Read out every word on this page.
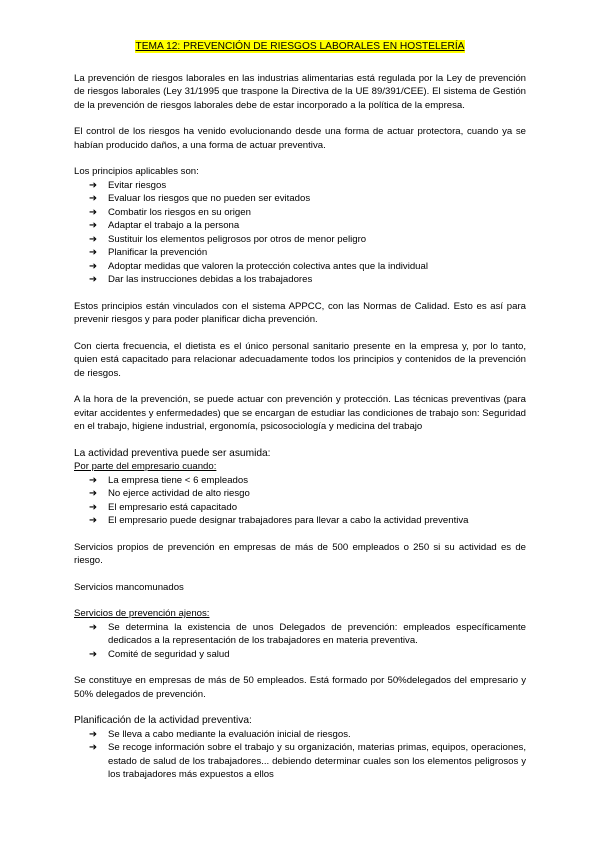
TEMA 12: PREVENCIÓN DE RIESGOS LABORALES EN HOSTELERÍA

La prevención de riesgos laborales en las industrias alimentarias está regulada por la Ley de prevención de riesgos laborales (Ley 31/1995 que traspone la Directiva de la UE 89/391/CEE). El sistema de Gestión de la prevención de riesgos laborales debe de estar incorporado a la política de la empresa.

El control de los riesgos ha venido evolucionando desde una forma de actuar protectora, cuando ya se habían producido daños, a una forma de actuar preventiva.

Los principios aplicables son:

➔ Evitar riesgos
➔ Evaluar los riesgos que no pueden ser evitados
➔ Combatir los riesgos en su origen
➔ Adaptar el trabajo a la persona
➔ Sustituir los elementos peligrosos por otros de menor peligro
➔ Planificar la prevención
➔ Adoptar medidas que valoren la protección colectiva antes que la individual
➔ Dar las instrucciones debidas a los trabajadores

Estos principios están vinculados con el sistema APPCC, con las Normas de Calidad. Esto es así para prevenir riesgos y para poder planificar dicha prevención.

Con cierta frecuencia, el dietista es el único personal sanitario presente en la empresa y, por lo tanto, quien está capacitado para relacionar adecuadamente todos los principios y contenidos de la prevención de riesgos.

A la hora de la prevención, se puede actuar con prevención y protección. Las técnicas preventivas (para evitar accidentes y enfermedades) que se encargan de estudiar las condiciones de trabajo son: Seguridad en el trabajo, higiene industrial, ergonomía, psicosociología y medicina del trabajo

La actividad preventiva puede ser asumida:
Por parte del empresario cuando:
➔ La empresa tiene < 6 empleados
➔ No ejerce actividad de alto riesgo
➔ El empresario está capacitado
➔ El empresario puede designar trabajadores para llevar a cabo la actividad preventiva

Servicios propios de prevención en empresas de más de 500 empleados o 250 si su actividad es de riesgo.

Servicios mancomunados

Servicios de prevención ajenos:
➔ Se determina la existencia de unos Delegados de prevención: empleados específicamente dedicados a la representación de los trabajadores en materia preventiva.
➔ Comité de seguridad y salud

Se constituye en empresas de más de 50 empleados. Está formado por 50%delegados del empresario y 50% delegados de prevención.

Planificación de la actividad preventiva:
➔ Se lleva a cabo mediante la evaluación inicial de riesgos.
➔ Se recoge información sobre el trabajo y su organización, materias primas, equipos, operaciones, estado de salud de los trabajadores... debiendo determinar cuales son los elementos peligrosos y los trabajadores más expuestos a ellos
